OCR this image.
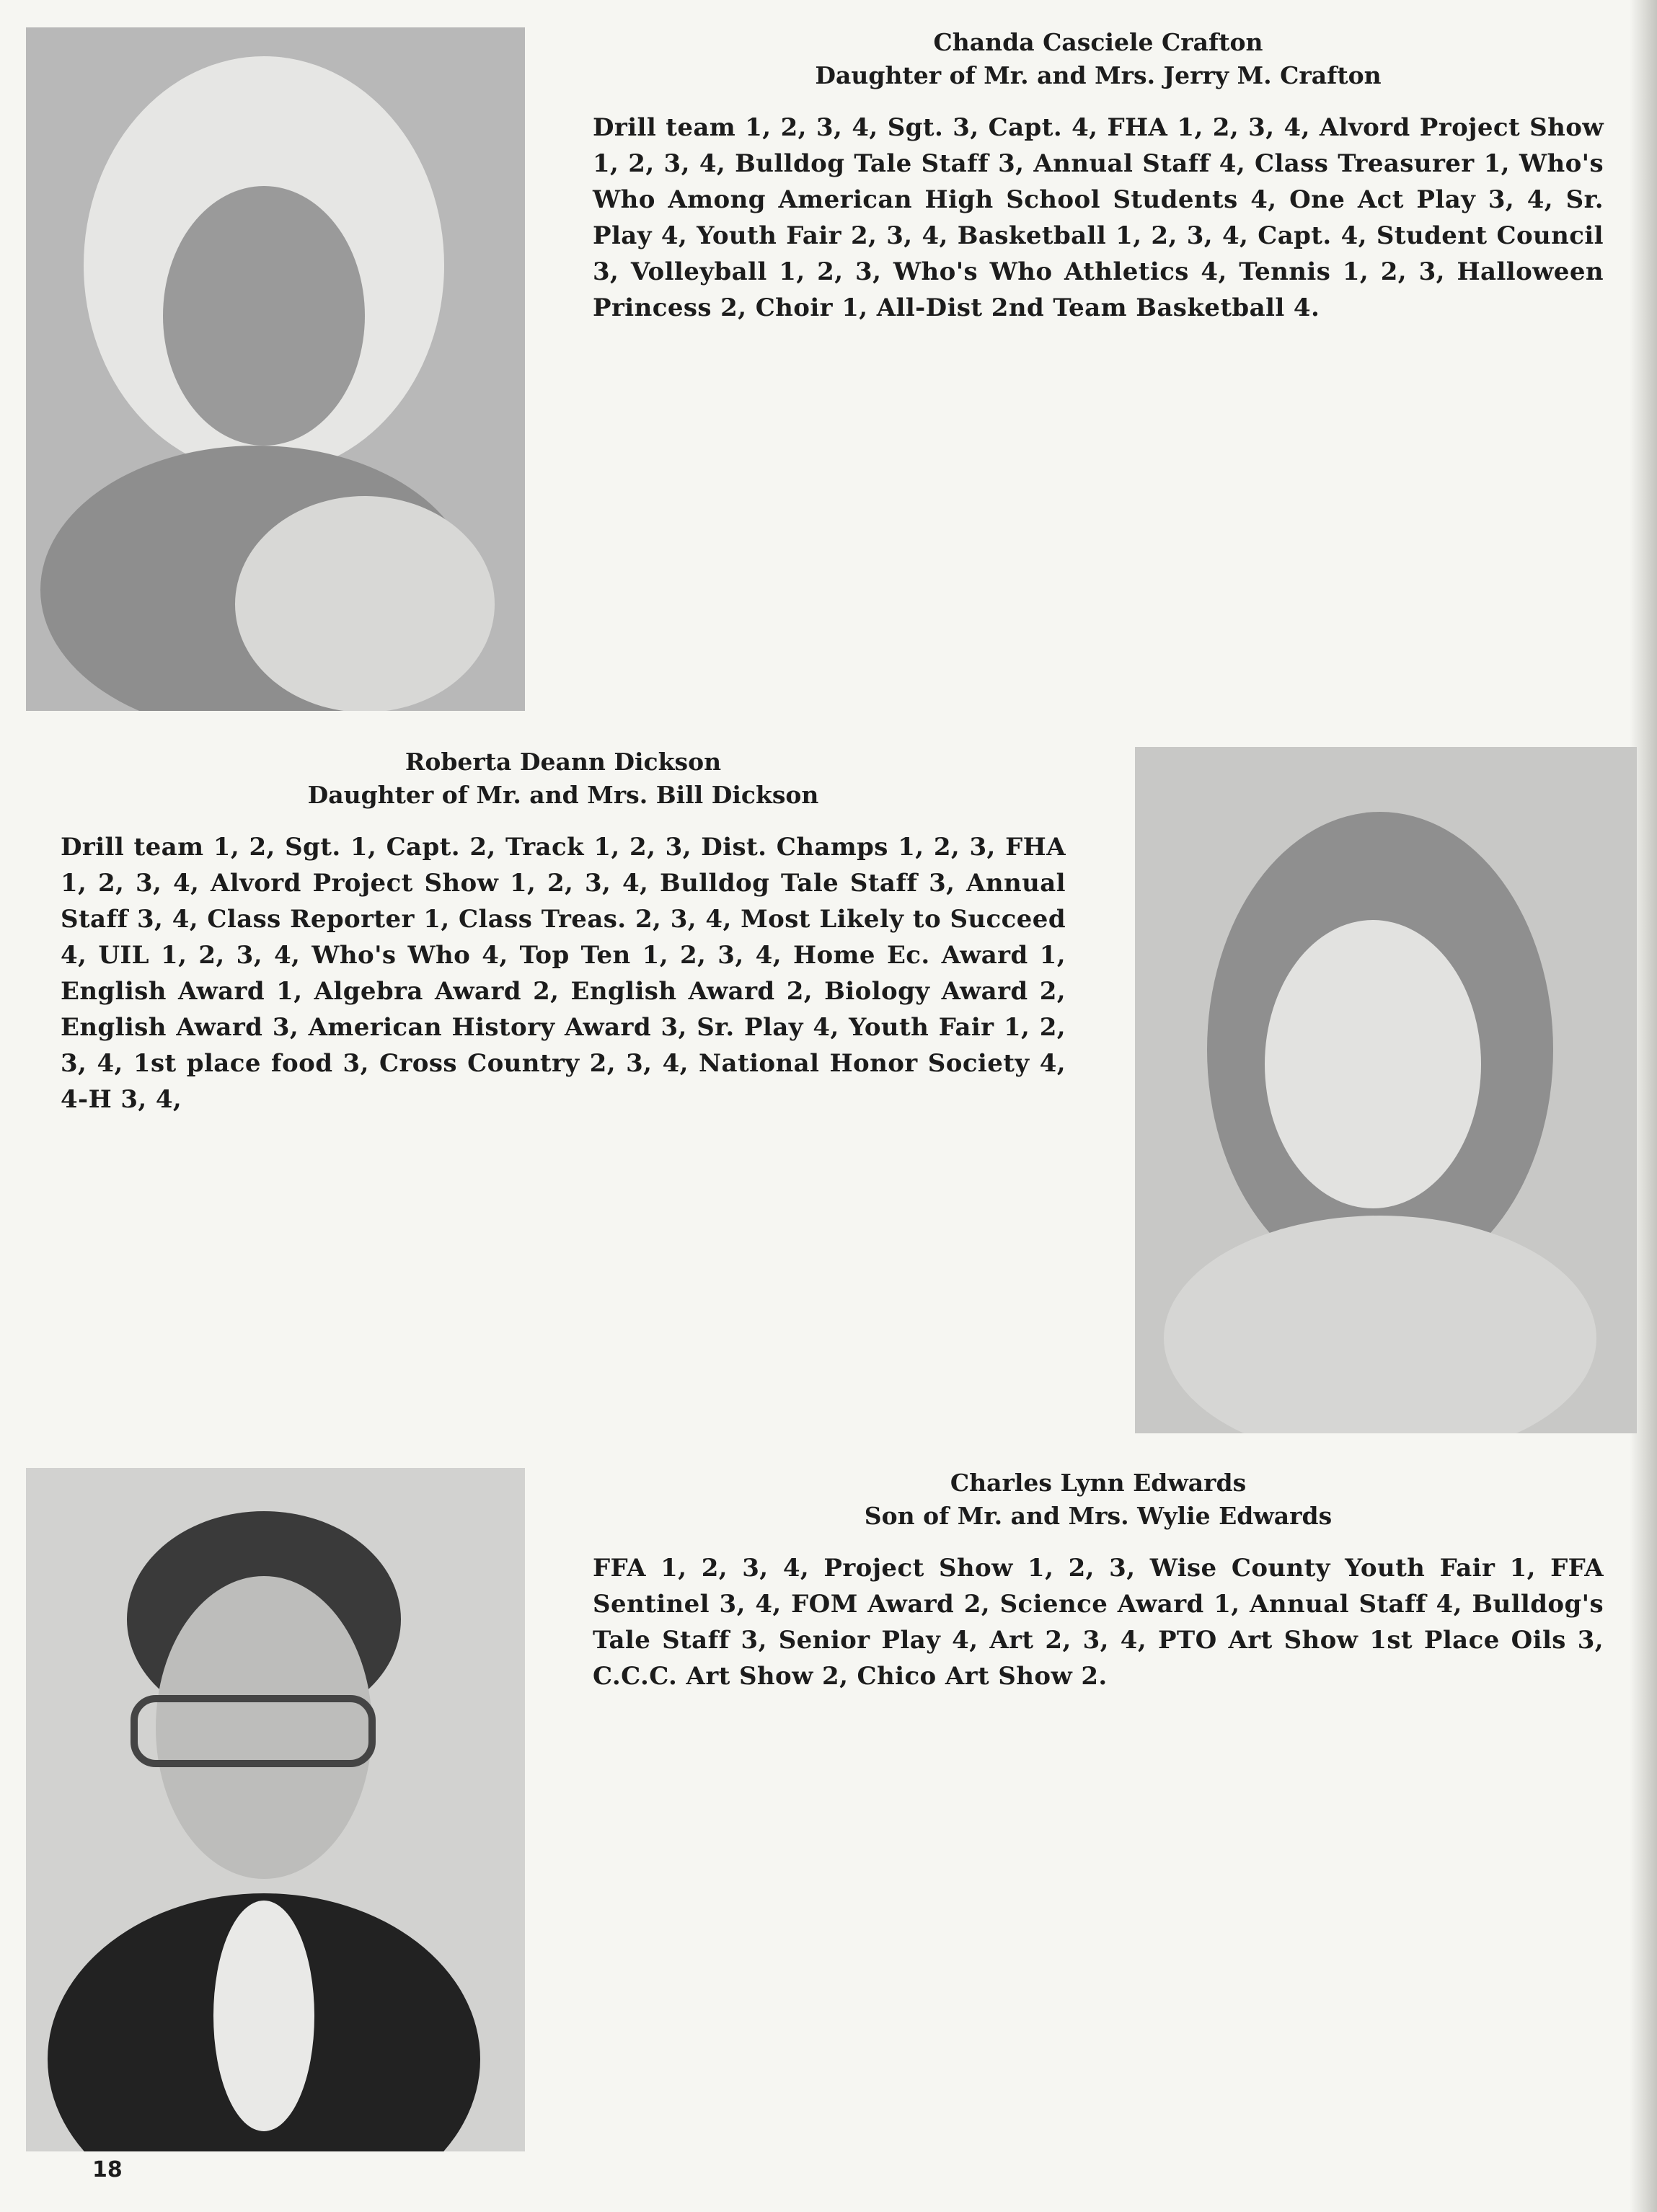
Chanda Casciele Crafton

Daughter of Mr. and Mrs. Jerry M. Crafton

Drill team 1, 2, 3, 4, Sgt. 3, Capt. 4, FHA 1, 2, 3, 4, Alvord Project Show 1, 2, 3, 4, Bulldog Tale Staff 3, Annual Staff 4, Class Treasurer 1, Who's Who Among American High School Students 4, One Act Play 3, 4, Sr. Play 4, Youth Fair 2, 3, 4, Basketball 1, 2, 3, 4, Capt. 4, Student Council 3, Volleyball 1, 2, 3, Who's Who Athletics 4, Tennis 1, 2, 3, Halloween Princess 2, Choir 1, All-Dist 2nd Team Basketball 4.

Roberta Deann Dickson

Daughter of Mr. and Mrs. Bill Dickson

Drill team 1, 2, Sgt. 1, Capt. 2, Track 1, 2, 3, Dist. Champs 1, 2, 3, FHA 1, 2, 3, 4, Alvord Project Show 1, 2, 3, 4, Bulldog Tale Staff 3, Annual Staff 3, 4, Class Reporter 1, Class Treas. 2, 3, 4, Most Likely to Succeed 4, UIL 1, 2, 3, 4, Who's Who 4, Top Ten 1, 2, 3, 4, Home Ec. Award 1, English Award 1, Algebra Award 2, English Award 2, Biology Award 2, English Award 3, American History Award 3, Sr. Play 4, Youth Fair 1, 2, 3, 4, 1st place food 3, Cross Country 2, 3, 4, National Honor Society 4, 4-H 3, 4,

Charles Lynn Edwards

Son of Mr. and Mrs. Wylie Edwards

FFA 1, 2, 3, 4, Project Show 1, 2, 3, Wise County Youth Fair 1, FFA Sentinel 3, 4, FOM Award 2, Science Award 1, Annual Staff 4, Bulldog's Tale Staff 3, Senior Play 4, Art 2, 3, 4, PTO Art Show 1st Place Oils 3, C.C.C. Art Show 2, Chico Art Show 2.

18
